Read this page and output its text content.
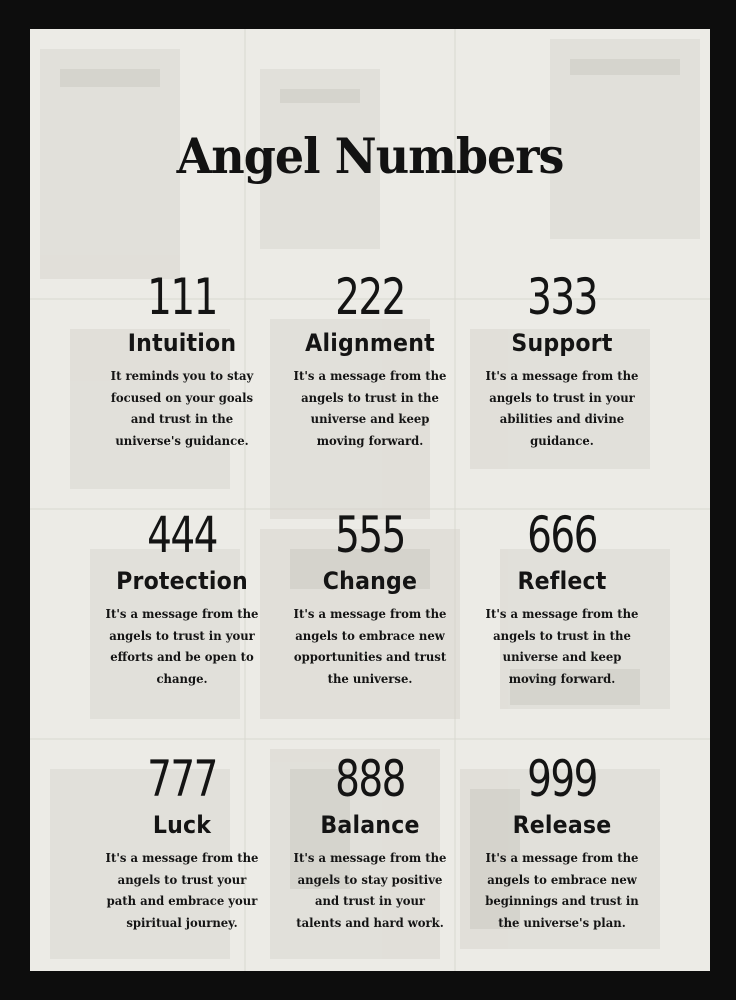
Angel Numbers
111
Intuition
It reminds you to stay focused on your goals and trust in the universe's guidance.
222
Alignment
It's a message from the angels to trust in the universe and keep moving forward.
333
Support
It's a message from the angels to trust in your abilities and divine guidance.
444
Protection
It's a message from the angels to trust in your efforts and be open to change.
555
Change
It's a message from the angels to embrace new opportunities and trust the universe.
666
Reflect
It's a message from the angels to trust in the universe and keep moving forward.
777
Luck
It's a message from the angels to trust your path and embrace your spiritual journey.
888
Balance
It's a message from the angels to stay positive and trust in your talents and hard work.
999
Release
It's a message from the angels to embrace new beginnings and trust in the universe's plan.
